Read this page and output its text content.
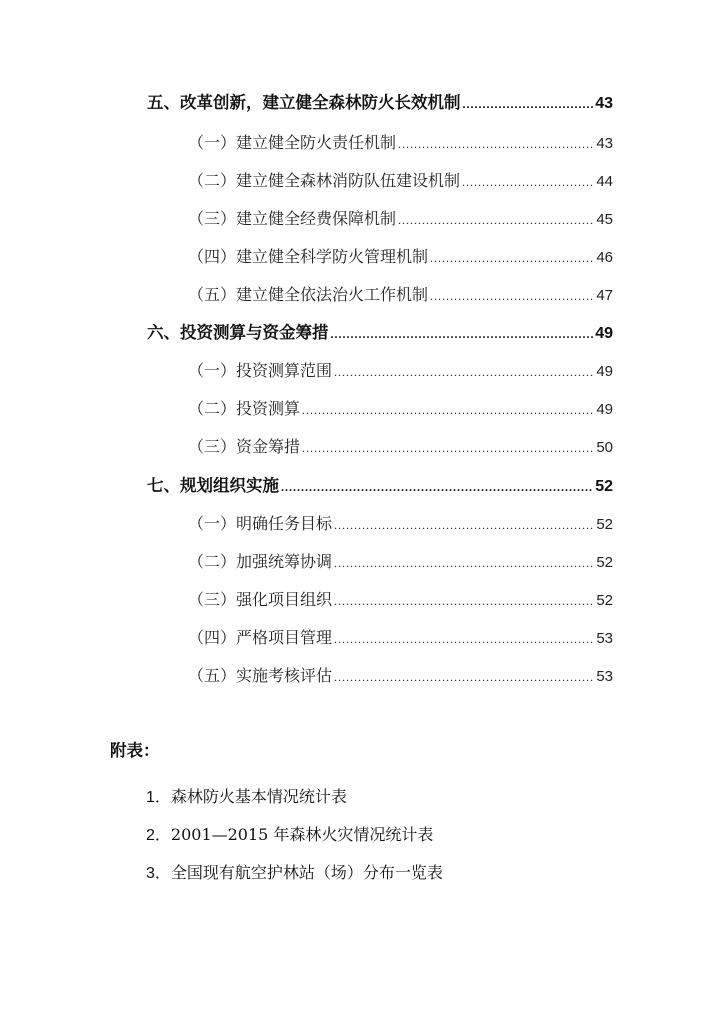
五、改革创新，建立健全森林防火长效机制 .....	43
（一）建立健全防火责任机制 .....	43
（二）建立健全森林消防队伍建设机制 .....	44
（三）建立健全经费保障机制 .....	45
（四）建立健全科学防火管理机制 .....	46
（五）建立健全依法治火工作机制 .....	47
六、投资测算与资金筹措 .....	49
（一）投资测算范围 .....	49
（二）投资测算 .....	49
（三）资金筹措 .....	50
七、规划组织实施 .....	52
（一）明确任务目标 .....	52
（二）加强统筹协调 .....	52
（三）强化项目组织 .....	52
（四）严格项目管理 .....	53
（五）实施考核评估 .....	53
附表：
1．森林防火基本情况统计表
2．2001—2015 年森林火灾情况统计表
3．全国现有航空护林站（场）分布一览表
